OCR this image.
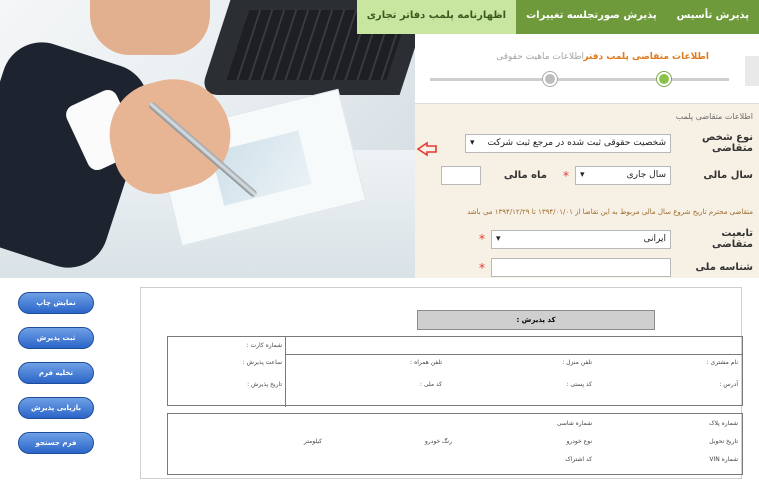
پذیرش تأسیس
پذیرش صورتجلسه تغییرات
اظهارنامه پلمب دفاتر تجاری
اطلاعات متقاضی پلمب دفتر
اطلاعات ماهیت حقوقی
اطلاعات متقاضی پلمب
نوع شخص متقاضی
شخصیت حقوقی ثبت شده در مرجع ثبت شرکت
▾
سال مالی
سال جاری
▾
*
ماه مالی
متقاضی محترم تاریخ شروع سال مالی مربوط به این تقاضا از ۱۳۹۴/۰۱/۰۱ تا ۱۳۹۴/۱۲/۲۹ می باشد
تابعیت متقاضی
ایرانی
▾
*
شناسه ملی
*
نمایش چاپ
ثبت پذیرش
تخلیه فرم
بازیابی پذیرش
فرم جستجو
کد پذیرش :
شماره کارت :
ساعت پذیرش :
تاریخ پذیرش :
نام مشتری :
تلفن منزل :
تلفن همراه :
آدرس :
کد پستی :
کد ملی :
شماره پلاک
شماره شاسی
تاریخ تحویل
نوع خودرو
رنگ خودرو
کیلومتر
شماره VIN
کد اشتراک
